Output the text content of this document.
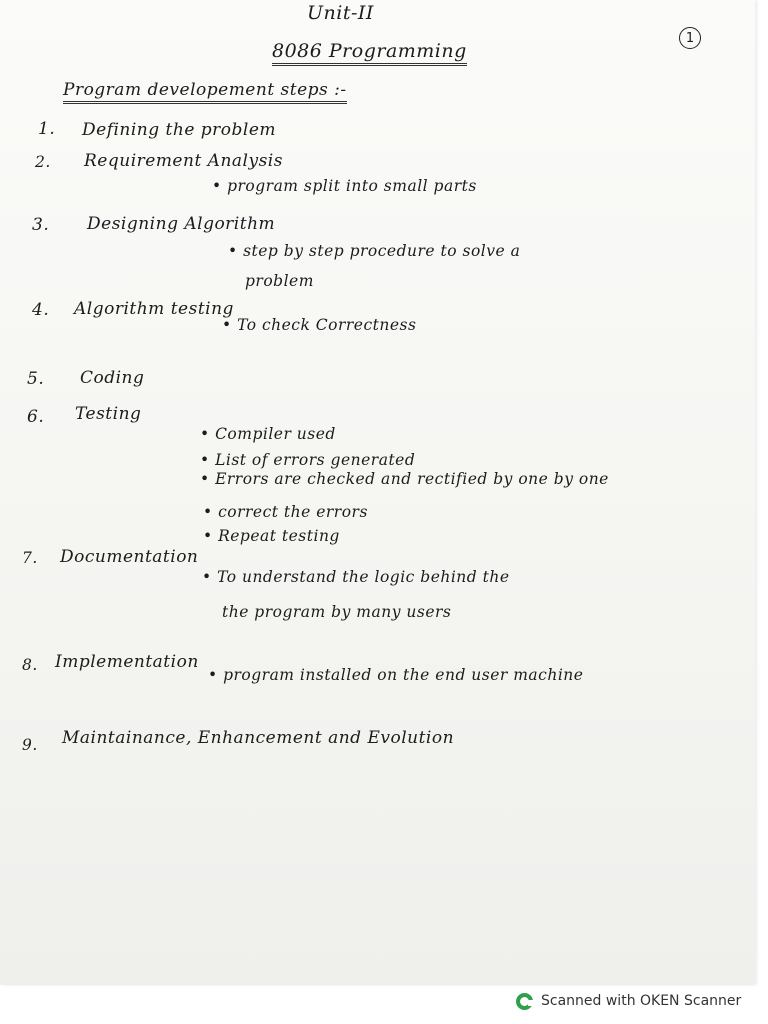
Unit-II
1
8086 Programming
Program developement steps :-
1. Defining the problem
2. Requirement Analysis
• program split into small parts
3. Designing Algorithm
• step by step procedure to solve a
problem
4. Algorithm testing
• To check Correctness
5. Coding
6. Testing
• Compiler used
• List of errors generated
• Errors are checked and rectified by one by one
• correct the errors
• Repeat testing
7. Documentation
• To understand the logic behind the
the program by many users
8. Implementation
• program installed on the end user machine
9. Maintainance, Enhancement and Evolution
Scanned with OKEN Scanner
